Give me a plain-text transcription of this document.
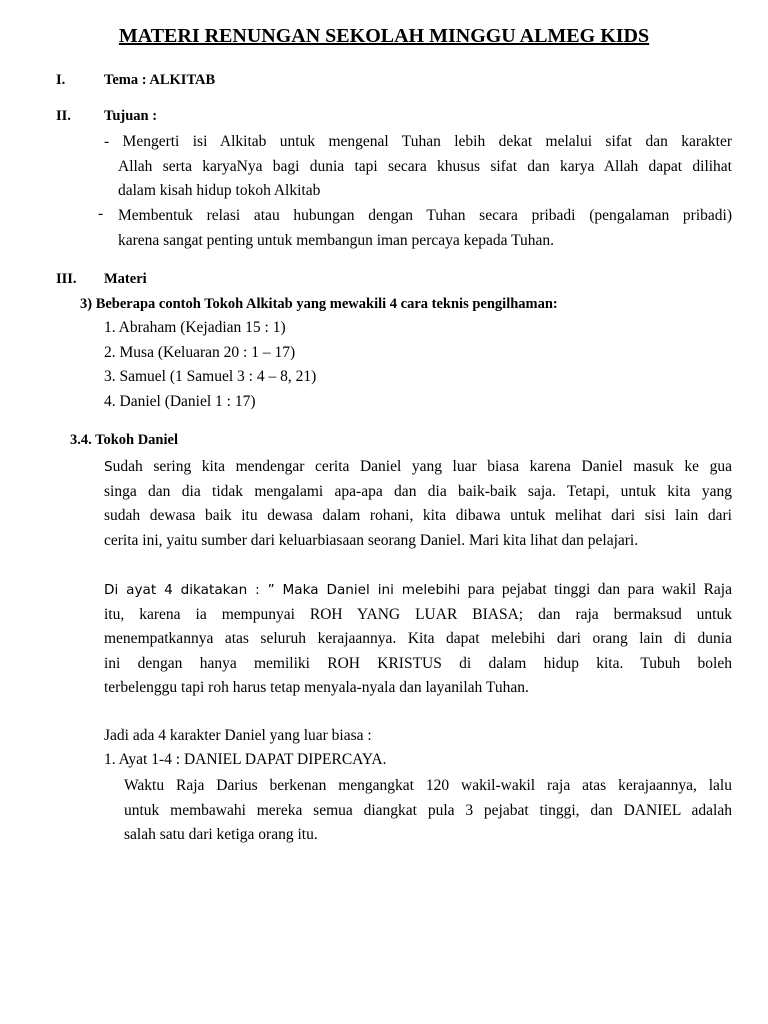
MATERI RENUNGAN SEKOLAH MINGGU ALMEG KIDS
I.	Tema : ALKITAB
II. Tujuan :
- Mengerti isi Alkitab untuk mengenal Tuhan lebih dekat melalui sifat dan karakter
Allah serta karyaNya bagi dunia tapi secara khusus sifat dan karya Allah dapat dilihat
dalam kisah hidup tokoh Alkitab
- Membentuk relasi atau hubungan dengan Tuhan secara pribadi (pengalaman pribadi)
karena sangat penting untuk membangun iman percaya kepada Tuhan.
III. Materi
3) Beberapa contoh Tokoh Alkitab yang mewakili 4 cara teknis pengilhaman:
1. Abraham (Kejadian 15 : 1)
2. Musa (Keluaran 20 : 1 – 17)
3. Samuel (1 Samuel 3 : 4 – 8, 21)
4. Daniel (Daniel 1 : 17)
3.4. Tokoh Daniel
Sudah sering kita mendengar cerita Daniel yang luar biasa karena Daniel masuk ke gua
singa dan dia tidak mengalami apa-apa dan dia baik-baik saja. Tetapi, untuk kita yang
sudah dewasa baik itu dewasa dalam rohani, kita dibawa untuk melihat dari sisi lain dari
cerita ini, yaitu sumber dari keluarbiasaan seorang Daniel. Mari kita lihat dan pelajari.
Di ayat 4 dikatakan : ” Maka Daniel ini melebihi para pejabat tinggi dan para wakil Raja
itu, karena ia mempunyai ROH YANG LUAR BIASA; dan raja bermaksud untuk
menempatkannya atas seluruh kerajaannya. Kita dapat melebihi dari orang lain di dunia
ini dengan hanya memiliki ROH KRISTUS di dalam hidup kita. Tubuh boleh
terbelenggu tapi roh harus tetap menyala-nyala dan layanilah Tuhan.
Jadi ada 4 karakter Daniel yang luar biasa :
1. Ayat 1-4 : DANIEL DAPAT DIPERCAYA.
Waktu Raja Darius berkenan mengangkat 120 wakil-wakil raja atas kerajaannya, lalu
untuk membawahi mereka semua diangkat pula 3 pejabat tinggi, dan DANIEL adalah
salah satu dari ketiga orang itu.
